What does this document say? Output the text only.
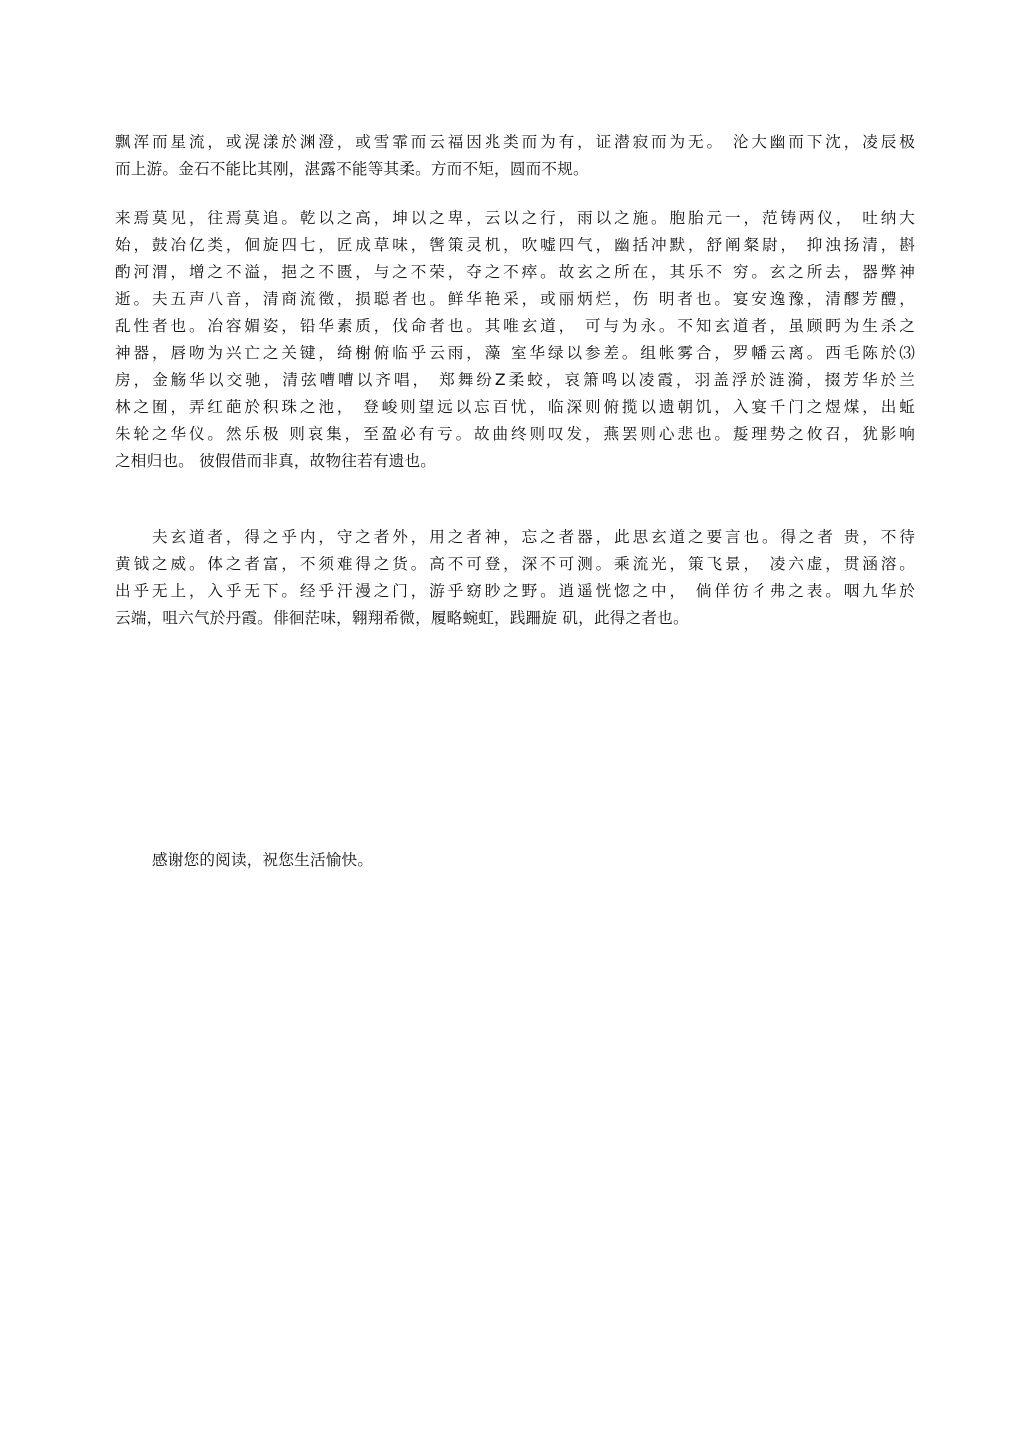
飘浑而星流，或滉漾於渊澄，或雪霏而云福因兆类而为有，证潜寂而为无。 沦大幽而下沈，凌辰极
而上游。金石不能比其刚，湛露不能等其柔。方而不矩，圆而不规。
来焉莫见，往焉莫追。乾以之高，坤以之卑，云以之行，雨以之施。胞胎元一，范铸两仪， 吐纳大
始，鼓冶亿类，佪旋四七，匠成草味，辔策灵机，吹嘘四气，幽括冲默，舒阐粲尉， 抑浊扬清，斟
酌河渭，增之不溢，挹之不匮，与之不荣，夺之不瘁。故玄之所在，其乐不 穷。玄之所去，器弊神
逝。夫五声八音，清商流徵，损聪者也。鲜华艳采，或丽炳烂，伤 明者也。宴安逸豫，清醪芳醴，
乱性者也。冶容媚姿，铅华素质，伐命者也。其唯玄道， 可与为永。不知玄道者，虽顾眄为生杀之
神器，唇吻为兴亡之关键，绮榭俯临乎云雨，藻 室华绿以参差。组帐雾合，罗幡云离。西毛陈於⑶
房，金觞华以交驰，清弦嘈嘈以齐唱， 郑舞纷Z柔蛟，哀箫鸣以凌霞，羽盖浮於涟漪，掇芳华於兰
林之囿，弄红葩於积珠之池， 登峻则望远以忘百忧，临深则俯揽以遗朝饥，入宴千门之煜煤，出蚯
朱轮之华仪。然乐极 则哀集，至盈必有亏。故曲终则叹发，燕罢则心悲也。㿱理势之攸召，犹影响
之相归也。 彼假借而非真，故物往若有遗也。
　　夫玄道者，得之乎内，守之者外，用之者神，忘之者器，此思玄道之要言也。得之者 贵，不待
黄钺之威。体之者富，不须难得之货。高不可登，深不可测。乘流光，策飞景， 凌六虚，贯涵溶。
出乎无上，入乎无下。经乎汗漫之门，游乎窈眇之野。逍遥恍惚之中， 倘佯彷彳弗之表。咽九华於
云端，咀六气於丹霞。俳徊茫味，翱翔希微，履略蜿虹，践跚旋 矶，此得之者也。

感谢您的阅读，祝您生活愉快。
